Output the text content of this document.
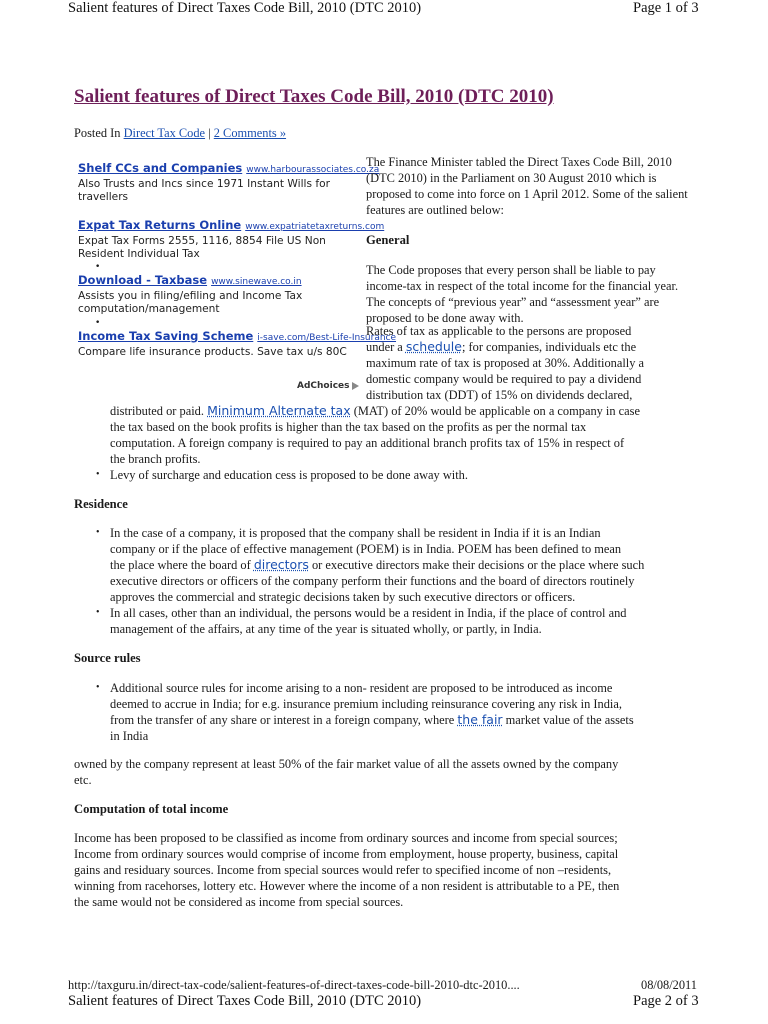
Salient features of Direct Taxes Code Bill, 2010 (DTC 2010)	Page 1 of 3
Salient features of Direct Taxes Code Bill, 2010 (DTC 2010)
Posted In Direct Tax Code | 2 Comments »
Shelf CCs and Companies www.harbourassociates.co.za
Also Trusts and Incs since 1971 Instant Wills for travellers
Expat Tax Returns Online www.expatriatetaxreturns.com
Expat Tax Forms 2555, 1116, 8854 File US Non Resident Individual Tax
•
Download - Taxbase www.sinewave.co.in
Assists you in filing/efiling and Income Tax computation/management
•
Income Tax Saving Scheme i-save.com/Best-Life-Insurance
Compare life insurance products. Save tax u/s 80C
AdChoices
The Finance Minister tabled the Direct Taxes Code Bill, 2010 (DTC 2010) in the Parliament on 30 August 2010 which is proposed to come into force on 1 April 2012. Some of the salient features are outlined below:
General
The Code proposes that every person shall be liable to pay income-tax in respect of the total income for the financial year. The concepts of “previous year” and “assessment year” are proposed to be done away with.
Rates of tax as applicable to the persons are proposed
under a schedule; for companies, individuals etc the
maximum rate of tax is proposed at 30%. Additionally a
domestic company would be required to pay a dividend
distribution tax (DDT) of 15% on dividends declared,
distributed or paid. Minimum Alternate tax (MAT) of 20% would be applicable on a company in case
the tax based on the book profits is higher than the tax based on the profits as per the normal tax
computation. A foreign company is required to pay an additional branch profits tax of 15% in respect of
the branch profits.
• Levy of surcharge and education cess is proposed to be done away with.
Residence
• In the case of a company, it is proposed that the company shall be resident in India if it is an Indian
company or if the place of effective management (POEM) is in India. POEM has been defined to mean
the place where the board of directors or executive directors make their decisions or the place where such
executive directors or officers of the company perform their functions and the board of directors routinely
approves the commercial and strategic decisions taken by such executive directors or officers.
• In all cases, other than an individual, the persons would be a resident in India, if the place of control and
management of the affairs, at any time of the year is situated wholly, or partly, in India.
Source rules
• Additional source rules for income arising to a non- resident are proposed to be introduced as income
deemed to accrue in India; for e.g. insurance premium including reinsurance covering any risk in India,
from the transfer of any share or interest in a foreign company, where the fair market value of the assets
in India
owned by the company represent at least 50% of the fair market value of all the assets owned by the company
etc.
Computation of total income
Income has been proposed to be classified as income from ordinary sources and income from special sources;
Income from ordinary sources would comprise of income from employment, house property, business, capital
gains and residuary sources. Income from special sources would refer to specified income of non –residents,
winning from racehorses, lottery etc. However where the income of a non resident is attributable to a PE, then
the same would not be considered as income from special sources.
http://taxguru.in/direct-tax-code/salient-features-of-direct-taxes-code-bill-2010-dtc-2010....	08/08/2011
Salient features of Direct Taxes Code Bill, 2010 (DTC 2010)	Page 2 of 3
